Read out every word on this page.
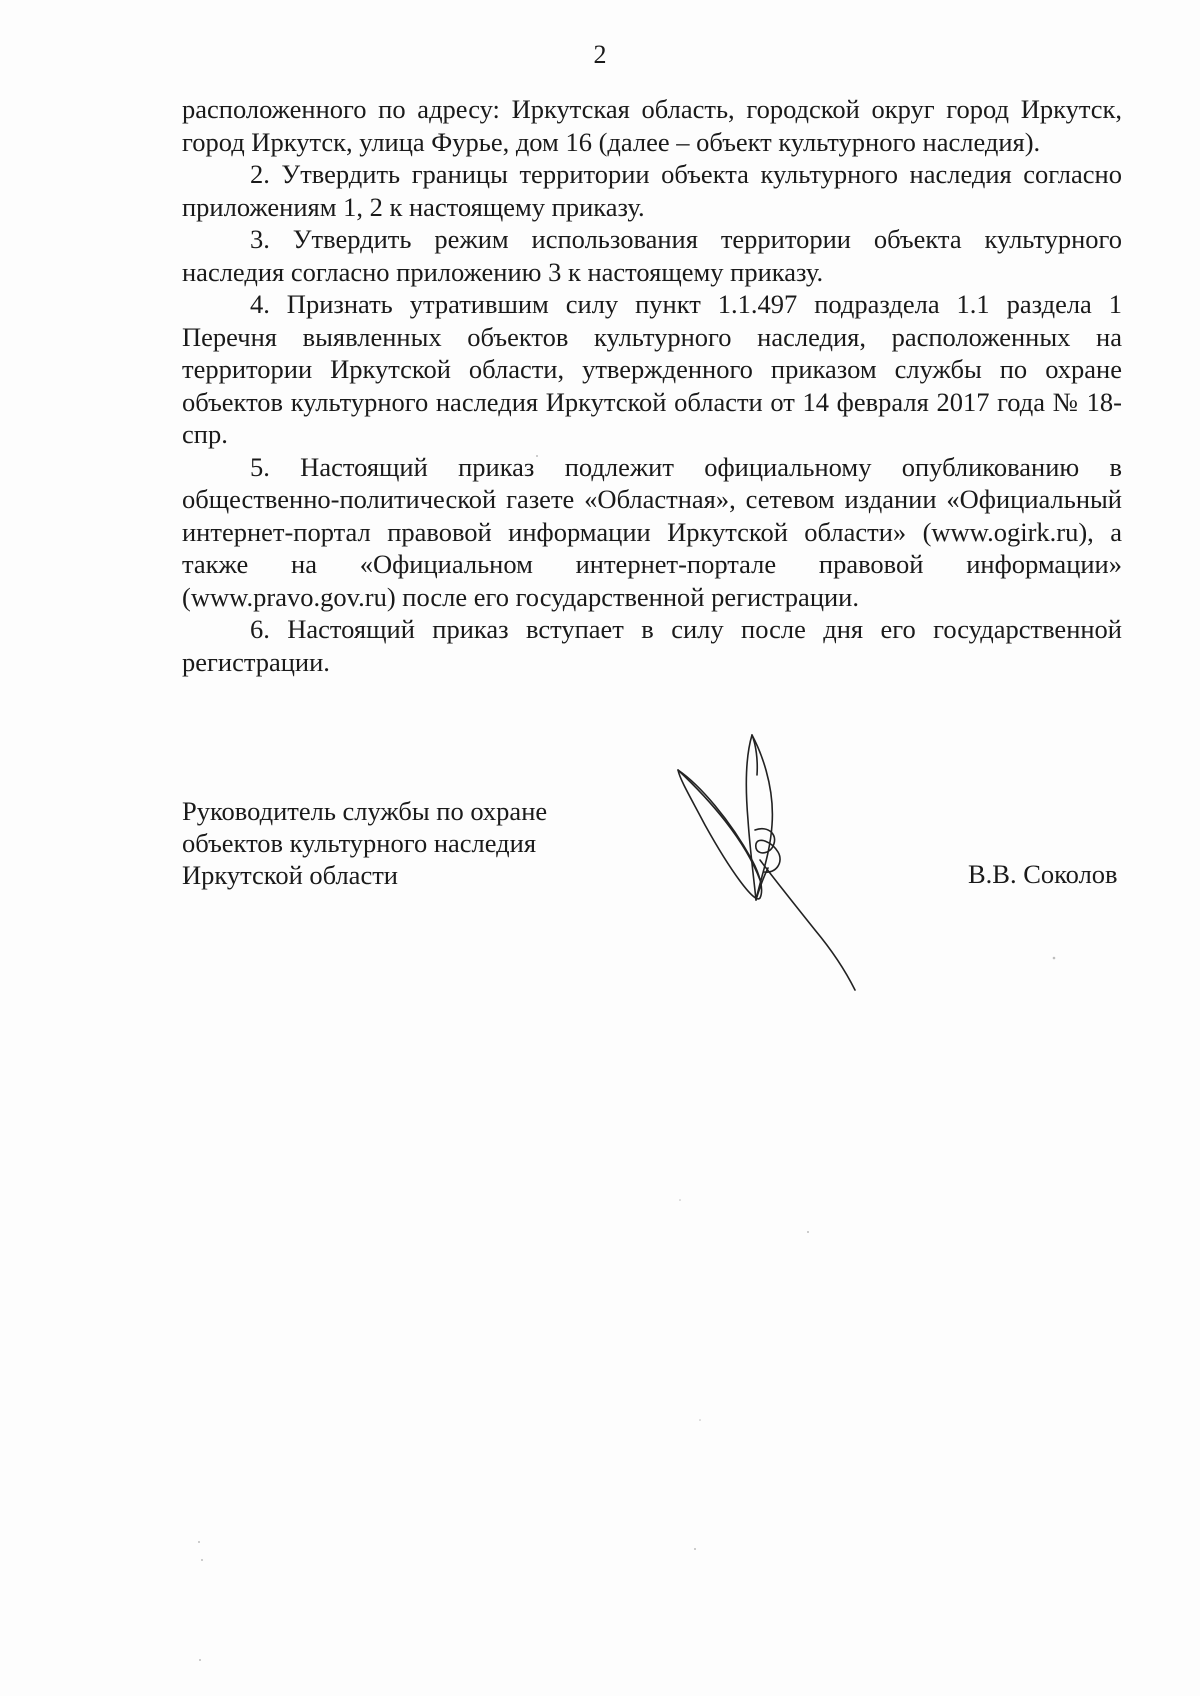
2

расположенного по адресу: Иркутская область, городской округ город Иркутск, город Иркутск, улица Фурье, дом 16 (далее – объект культурного наследия).

2. Утвердить границы территории объекта культурного наследия согласно приложениям 1, 2 к настоящему приказу.

3. Утвердить режим использования территории объекта культурного наследия согласно приложению 3 к настоящему приказу.

4. Признать утратившим силу пункт 1.1.497 подраздела 1.1 раздела 1 Перечня выявленных объектов культурного наследия, расположенных на территории Иркутской области, утвержденного приказом службы по охране объектов культурного наследия Иркутской области от 14 февраля 2017 года № 18-спр.

5. Настоящий приказ подлежит официальному опубликованию в общественно-политической газете «Областная», сетевом издании «Официальный интернет-портал правовой информации Иркутской области» (www.ogirk.ru), а также на «Официальном интернет-портале правовой информации» (www.pravo.gov.ru) после его государственной регистрации.

6. Настоящий приказ вступает в силу после дня его государственной регистрации.

Руководитель службы по охране
объектов культурного наследия
Иркутской области	В.В. Соколов
